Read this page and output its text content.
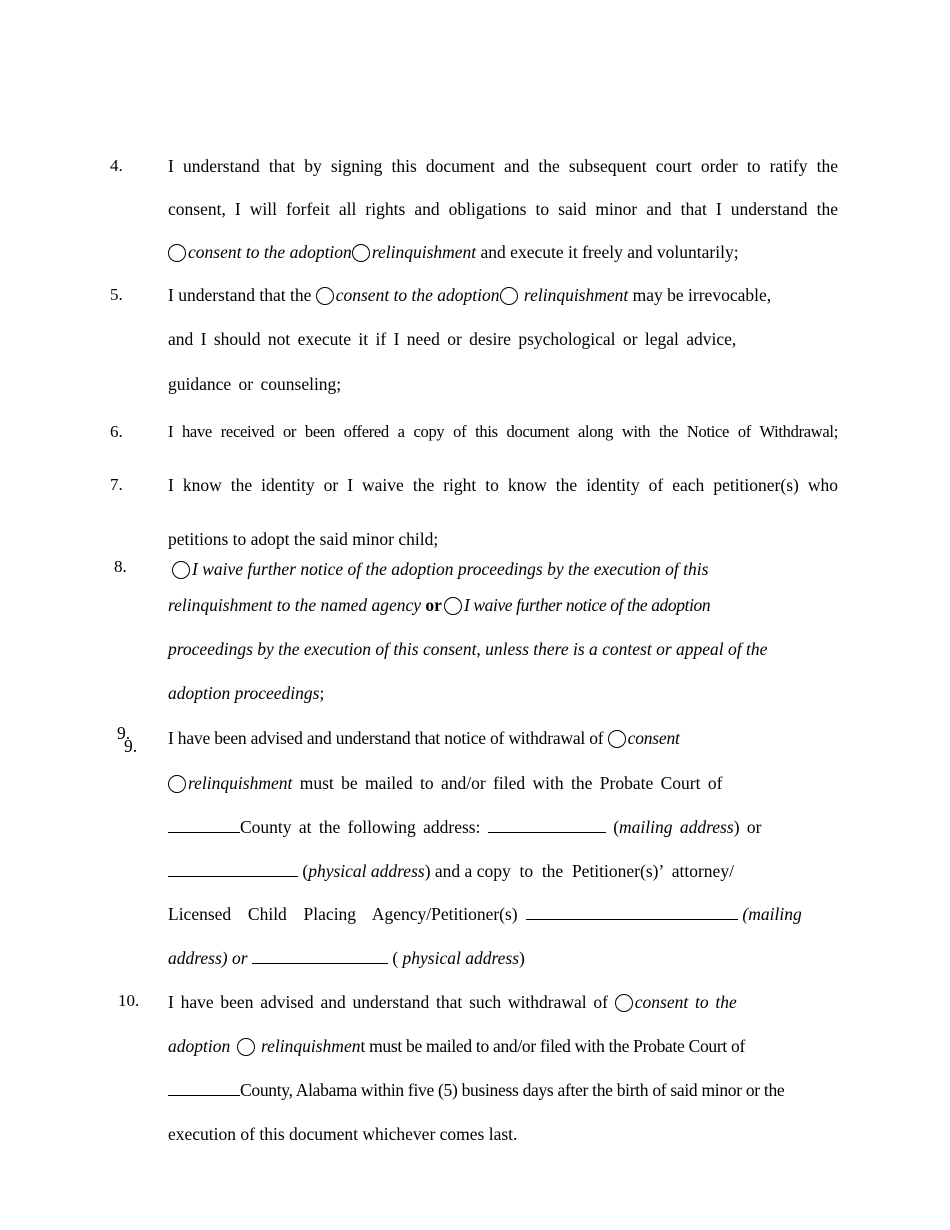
4.	I understand that by signing this document and the subsequent court order to ratify the
consent, I will forfeit all rights and obligations to said minor and that I understand the
consent to the adoption relinquishment and execute it freely and voluntarily;
5.	I understand that the consent to the adoption relinquishment may be irrevocable,
and I should not execute it if I need or desire psychological or legal advice,
guidance or counseling;
6.	I have received or been offered a copy of this document along with the Notice of Withdrawal;
7.	I know the identity or I waive the right to know the identity of each petitioner(s) who
petitions to adopt the said minor child;
8.	I waive further notice of the adoption proceedings by the execution of this
relinquishment to the named agency or I waive further notice of the adoption
proceedings by the execution of this consent, unless there is a contest or appeal of the
adoption proceedings;
9.
9. I have been advised and understand that notice of withdrawal of consent
relinquishment must be mailed to and/or filed with the Probate Court of
County at the following address:	(mailing address) or
(physical address) and a copy  to  the  Petitioner(s)’  attorney/
Licensed  Child  Placing  Agency/Petitioner(s)	(mailing
address) or	( physical address)
10. I have been advised and understand that such withdrawal of consent to the
adoption  relinquishment must be mailed to and/or filed with the Probate Court of
County, Alabama within five (5) business days after the birth of said minor or the
execution of this document whichever comes last.
